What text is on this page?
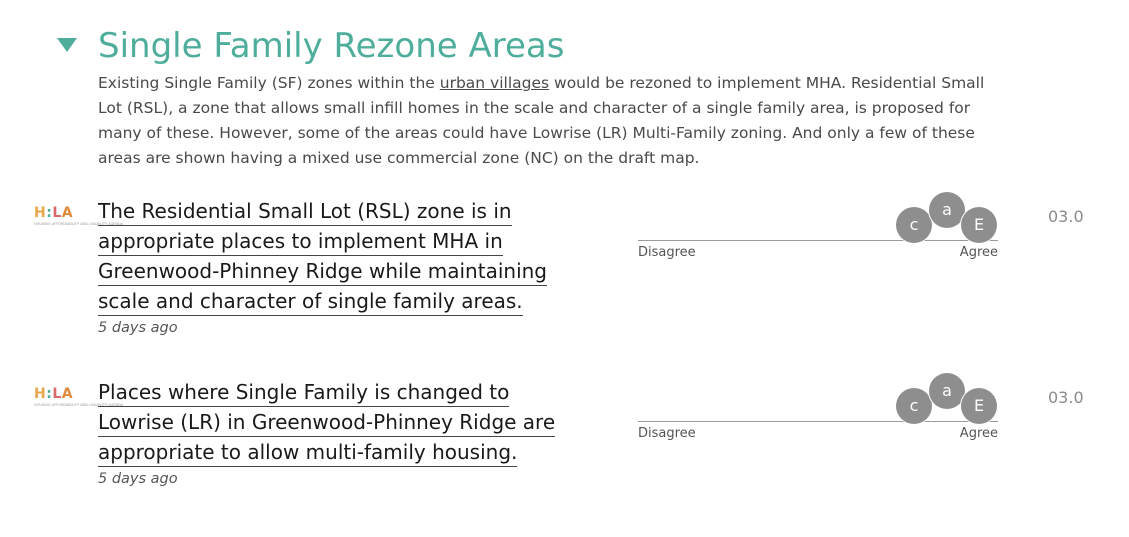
Single Family Rezone Areas

Existing Single Family (SF) zones within the urban villages would be rezoned to implement MHA. Residential Small Lot (RSL), a zone that allows small infill homes in the scale and character of a single family area, is proposed for many of these. However, some of the areas could have Lowrise (LR) Multi-Family zoning. And only a few of these areas are shown having a mixed use commercial zone (NC) on the draft map.

H:LA
HOUSING AFFORDABILITY AND LIVABILITY AGENDA

The Residential Small Lot (RSL) zone is in
appropriate places to implement MHA in
Greenwood-Phinney Ridge while maintaining
scale and character of single family areas.

5 days ago
Disagree	Agree
c
a
E	03.0
H:LA
HOUSING AFFORDABILITY AND LIVABILITY AGENDA

Places where Single Family is changed to
Lowrise (LR) in Greenwood-Phinney Ridge are
appropriate to allow multi-family housing.

5 days ago
Disagree	Agree
c
a
E	03.0
